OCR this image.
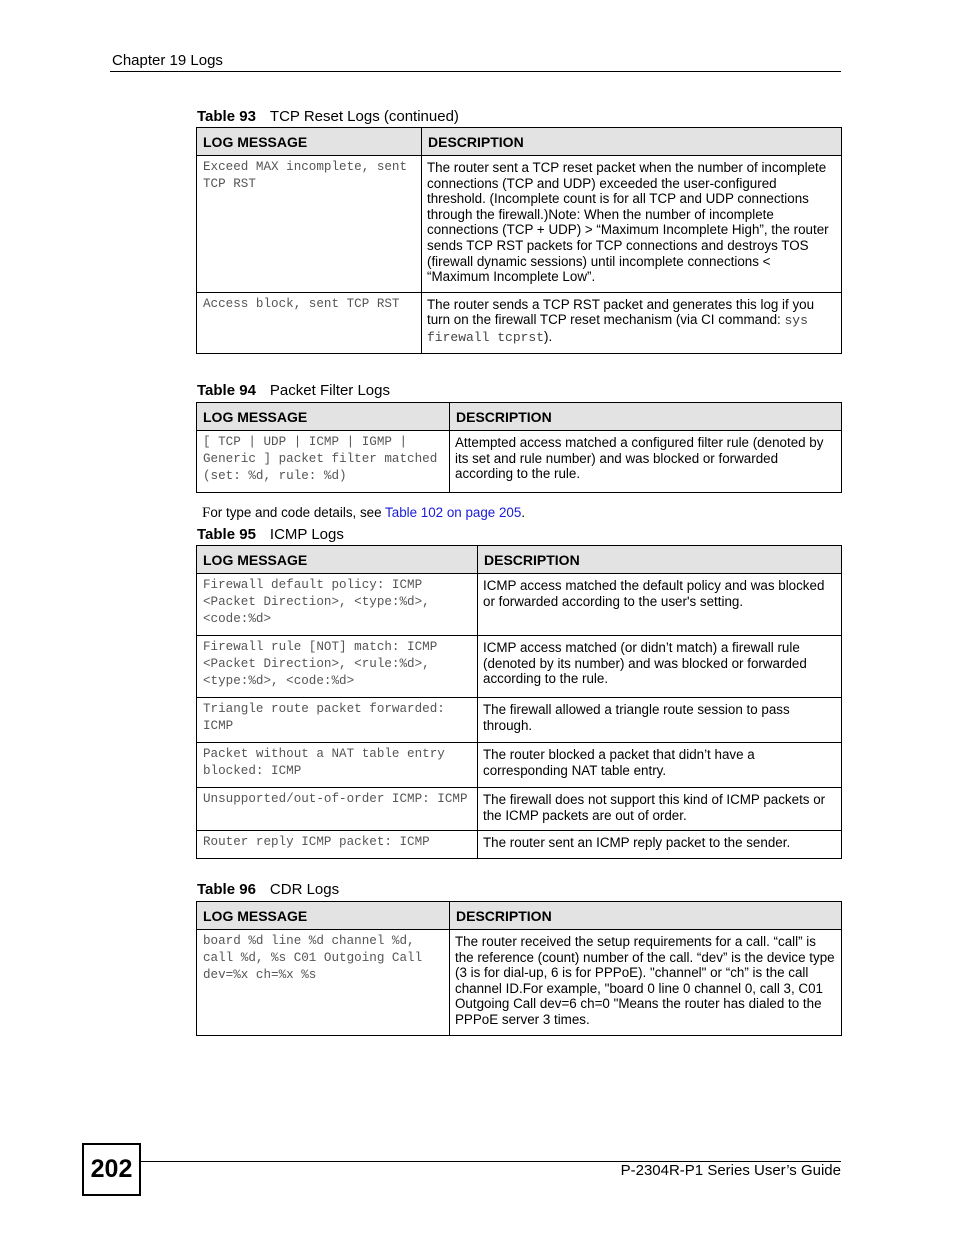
Chapter 19 Logs
Table 93 TCP Reset Logs (continued)
LOG MESSAGE	DESCRIPTION
Exceed MAX incomplete, sent TCP RST	The router sent a TCP reset packet when the number of incomplete connections (TCP and UDP) exceeded the user-configured threshold. (Incomplete count is for all TCP and UDP connections through the firewall.)Note: When the number of incomplete connections (TCP + UDP) > “Maximum Incomplete High”, the router sends TCP RST packets for TCP connections and destroys TOS (firewall dynamic sessions) until incomplete connections < “Maximum Incomplete Low”.
Access block, sent TCP RST	The router sends a TCP RST packet and generates this log if you turn on the firewall TCP reset mechanism (via CI command: sys firewall tcprst).
Table 94 Packet Filter Logs
LOG MESSAGE	DESCRIPTION
[ TCP | UDP | ICMP | IGMP | Generic ] packet filter matched (set: %d, rule: %d)	Attempted access matched a configured filter rule (denoted by its set and rule number) and was blocked or forwarded according to the rule.
For type and code details, see Table 102 on page 205.
Table 95 ICMP Logs
LOG MESSAGE	DESCRIPTION
Firewall default policy: ICMP <Packet Direction>, <type:%d>, <code:%d>	ICMP access matched the default policy and was blocked or forwarded according to the user's setting.
Firewall rule [NOT] match: ICMP <Packet Direction>, <rule:%d>, <type:%d>, <code:%d>	ICMP access matched (or didn’t match) a firewall rule (denoted by its number) and was blocked or forwarded according to the rule.
Triangle route packet forwarded: ICMP	The firewall allowed a triangle route session to pass through.
Packet without a NAT table entry blocked: ICMP	The router blocked a packet that didn’t have a corresponding NAT table entry.
Unsupported/out-of-order ICMP: ICMP	The firewall does not support this kind of ICMP packets or the ICMP packets are out of order.
Router reply ICMP packet: ICMP	The router sent an ICMP reply packet to the sender.
Table 96 CDR Logs
LOG MESSAGE	DESCRIPTION
board %d line %d channel %d, call %d, %s C01 Outgoing Call dev=%x ch=%x %s	The router received the setup requirements for a call. “call” is the reference (count) number of the call. “dev” is the device type (3 is for dial-up, 6 is for PPPoE). "channel" or “ch” is the call channel ID.For example, "board 0 line 0 channel 0, call 3, C01 Outgoing Call dev=6 ch=0 "Means the router has dialed to the PPPoE server 3 times.
202	P-2304R-P1 Series User’s Guide
